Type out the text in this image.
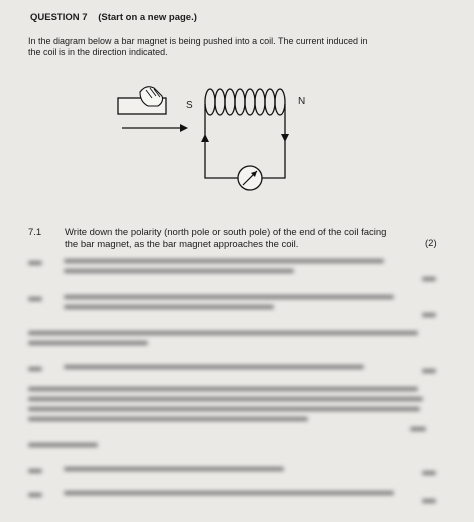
QUESTION 7 (Start on a new page.)
In the diagram below a bar magnet is being pushed into a coil. The current induced in
the coil is in the direction indicated.
S	N
7.1	Write down the polarity (north pole or south pole) of the end of the coil facing
the bar magnet, as the bar magnet approaches the coil.	(2)
